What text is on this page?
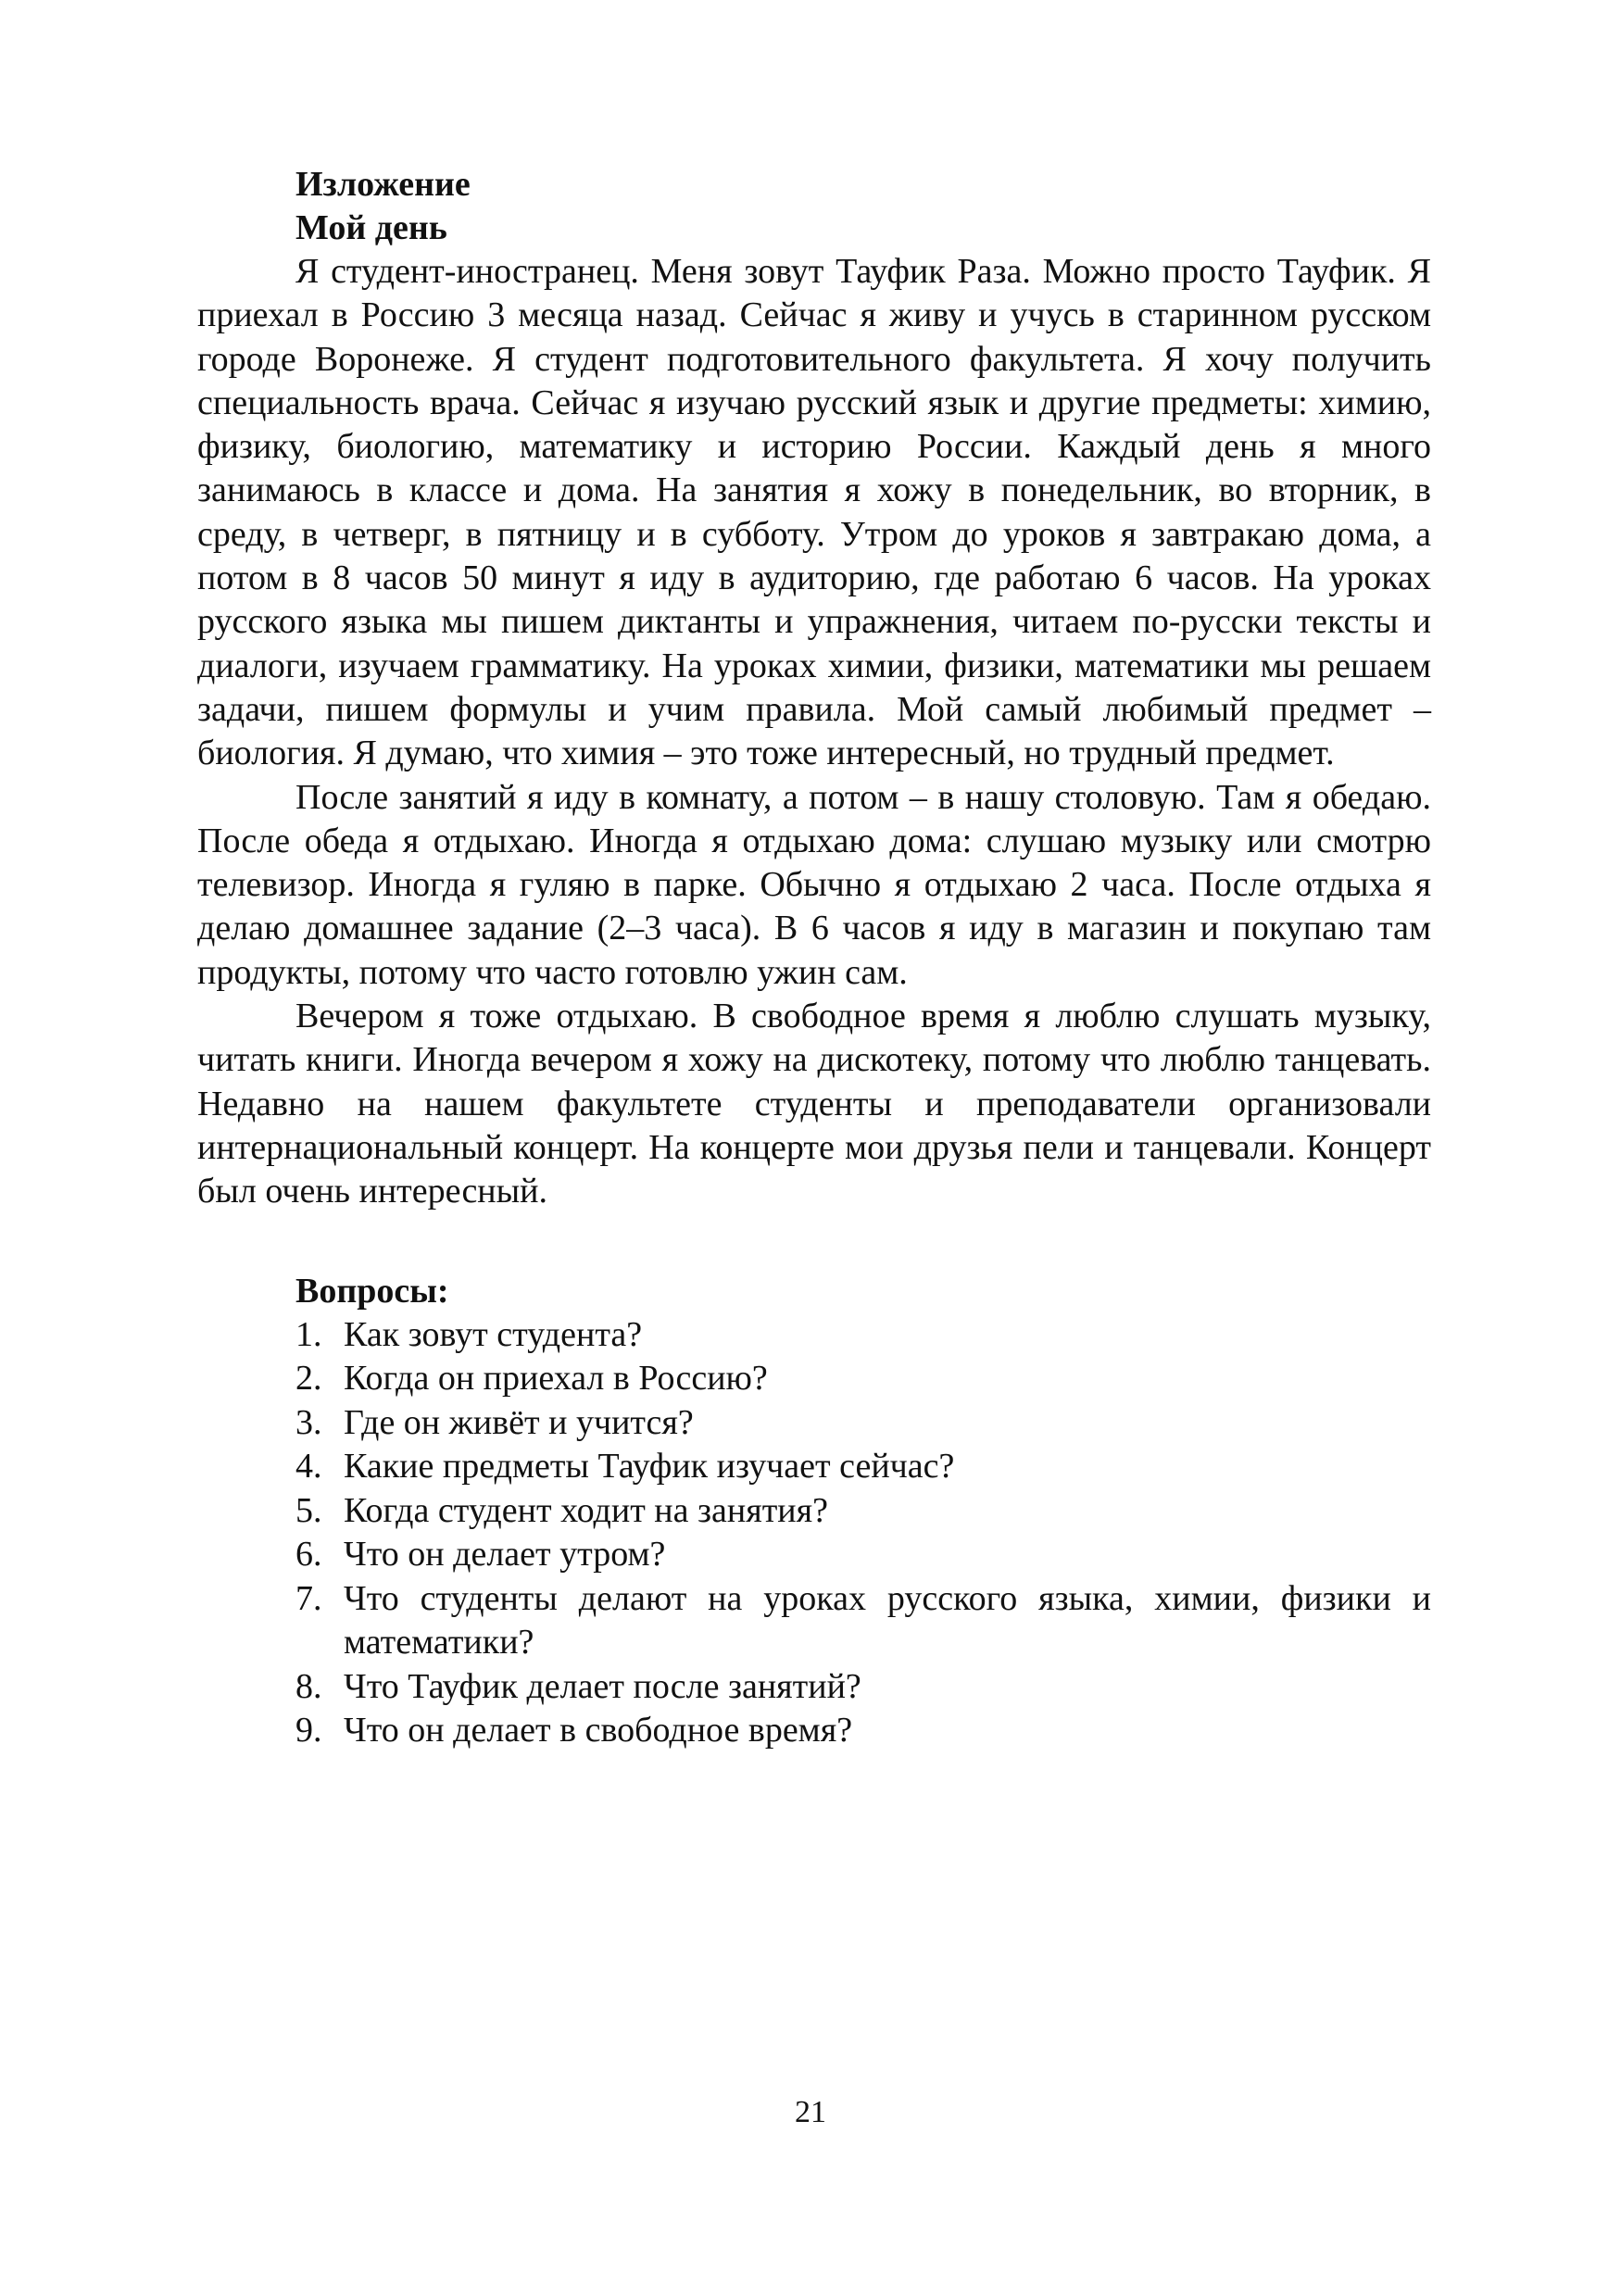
Изложение
Мой день

Я студент-иностранец. Меня зовут Тауфик Раза. Можно просто Тауфик. Я приехал в Россию 3 месяца назад. Сейчас я живу и учусь в старинном русском городе Воронеже. Я студент подготовительного факультета. Я хочу получить специальность врача. Сейчас я изучаю русский язык и другие предметы: химию, физику, биологию, математику и историю России. Каждый день я много занимаюсь в классе и дома. На занятия я хожу в понедельник, во вторник, в среду, в четверг, в пятницу и в субботу. Утром до уроков я завтракаю дома, а потом в 8 часов 50 минут я иду в аудиторию, где работаю 6 часов. На уроках русского языка мы пишем диктанты и упражнения, читаем по-русски тексты и диалоги, изучаем грамматику. На уроках химии, физики, математики мы решаем задачи, пишем формулы и учим правила. Мой самый любимый предмет – биология. Я думаю, что химия – это тоже интересный, но трудный предмет.

После занятий я иду в комнату, а потом – в нашу столовую. Там я обедаю. После обеда я отдыхаю. Иногда я отдыхаю дома: слушаю музыку или смотрю телевизор. Иногда я гуляю в парке. Обычно я отдыхаю 2 часа. После отдыха я делаю домашнее задание (2–3 часа). В 6 часов я иду в магазин и покупаю там продукты, потому что часто готовлю ужин сам.

Вечером я тоже отдыхаю. В свободное время я люблю слушать музыку, читать книги. Иногда вечером я хожу на дискотеку, потому что люблю танцевать. Недавно на нашем факультете студенты и преподаватели организовали интернациональный концерт. На концерте мои друзья пели и танцевали. Концерт был очень интересный.

Вопросы:
1. Как зовут студента?
2. Когда он приехал в Россию?
3. Где он живёт и учится?
4. Какие предметы Тауфик изучает сейчас?
5. Когда студент ходит на занятия?
6. Что он делает утром?
7. Что студенты делают на уроках русского языка, химии, физики и математики?
8. Что Тауфик делает после занятий?
9. Что он делает в свободное время?
21
